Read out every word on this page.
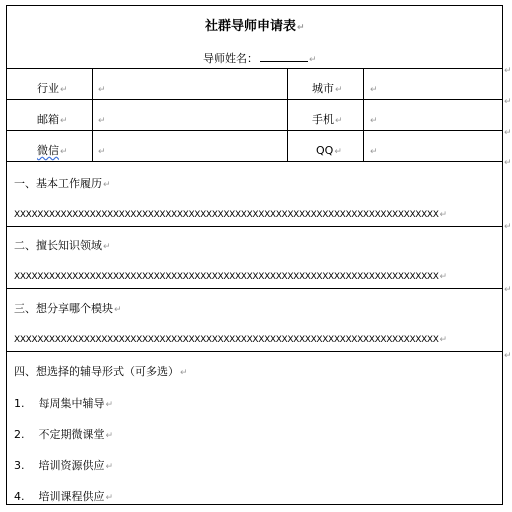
社群导师申请表↵
导师姓名：	↵
行业↵	↵	城市↵	↵
邮箱↵	↵	手机↵	↵
微信↵	↵	QQ↵	↵
一、基本工作履历↵
XXXXXXXXXXXXXXXXXXXXXXXXXXXXXXXXXXXXXXXXXXXXXXXXXXXXXXXXXXXXXXXXXXXXXXXXX↵
二、擅长知识领域↵
XXXXXXXXXXXXXXXXXXXXXXXXXXXXXXXXXXXXXXXXXXXXXXXXXXXXXXXXXXXXXXXXXXXXXXXXX↵
三、想分享哪个模块↵
XXXXXXXXXXXXXXXXXXXXXXXXXXXXXXXXXXXXXXXXXXXXXXXXXXXXXXXXXXXXXXXXXXXXXXXXX↵
四、想选择的辅导形式（可多选）↵
1. 每周集中辅导↵
2. 不定期微课堂↵
3. 培训资源供应↵
4. 培训课程供应↵
↵
↵
↵
↵
↵
↵
↵
